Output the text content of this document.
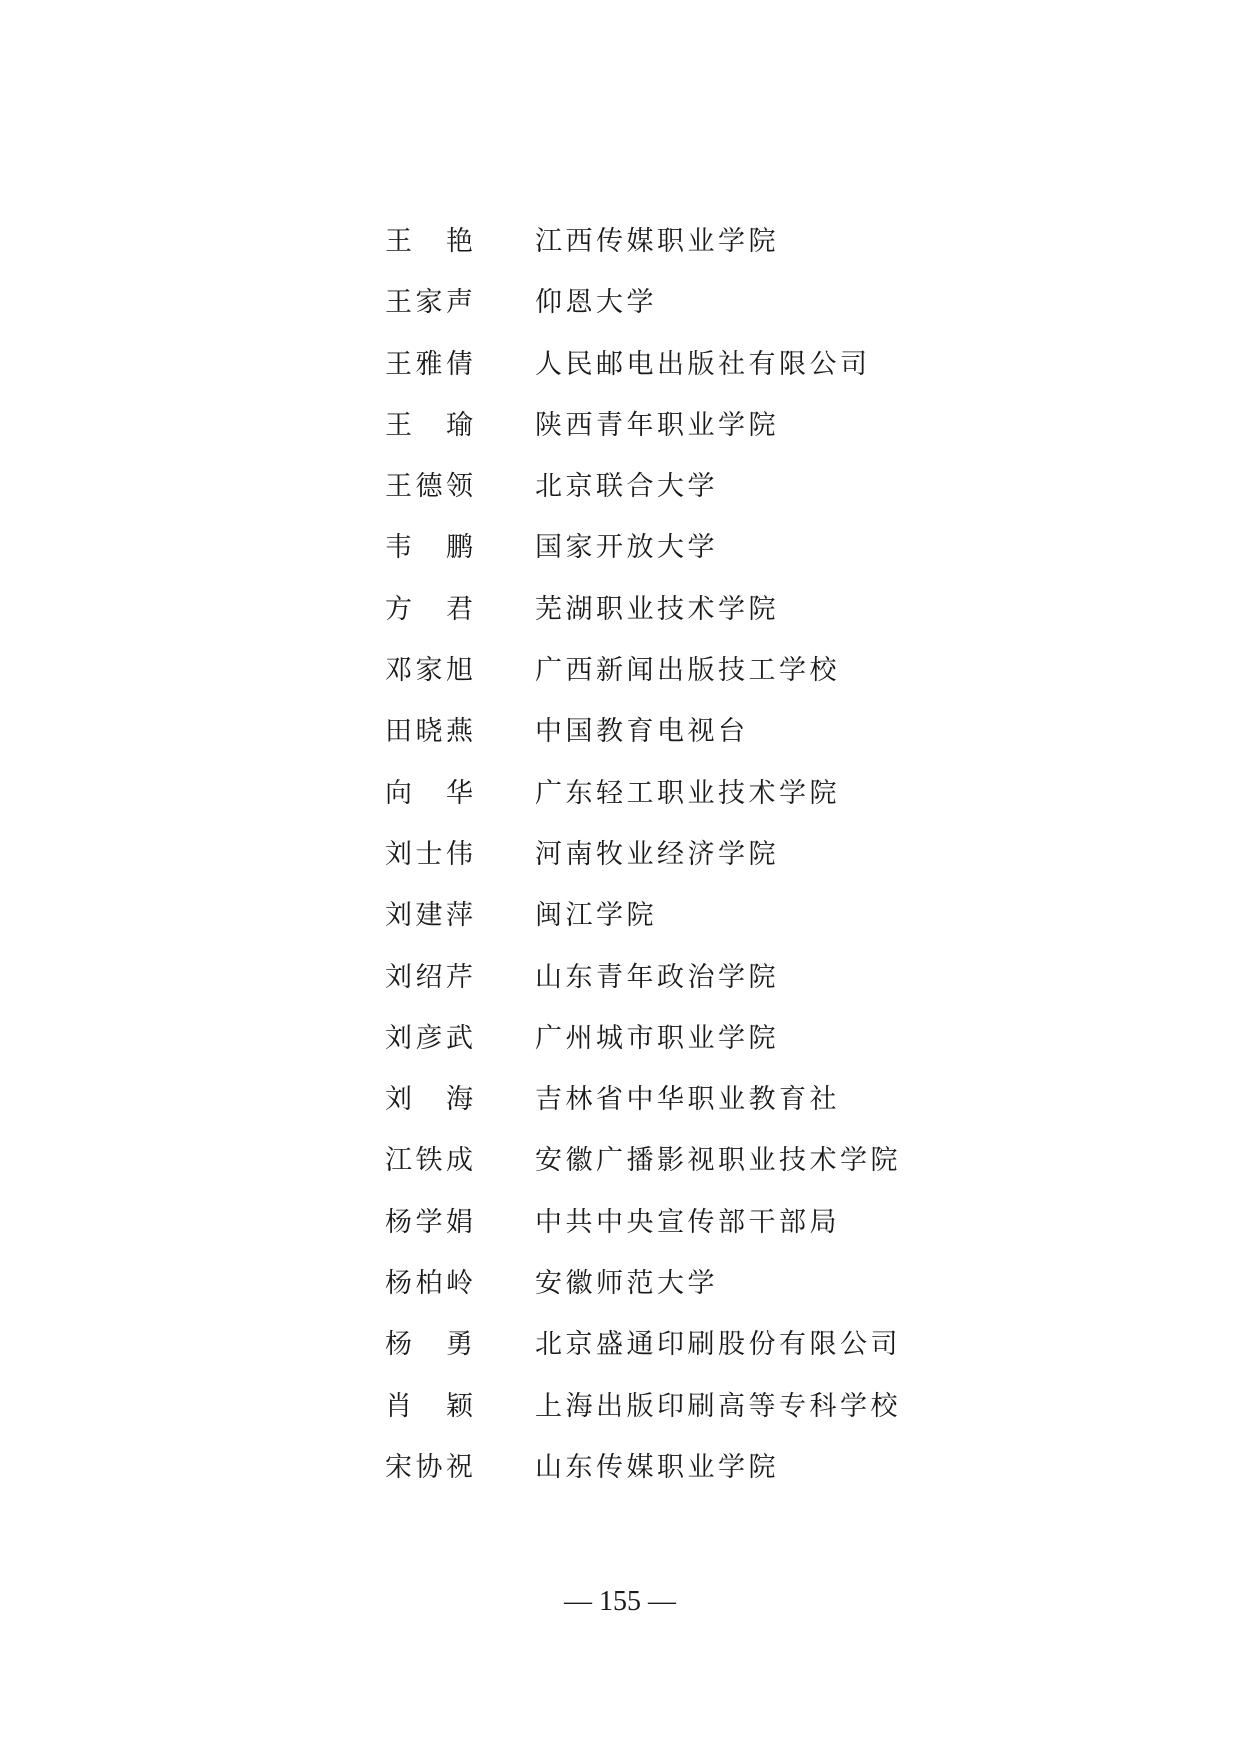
王 艳 江西传媒职业学院
王家声 仰恩大学
王雅倩 人民邮电出版社有限公司
王 瑜 陕西青年职业学院
王德领 北京联合大学
韦 鹏 国家开放大学
方 君 芜湖职业技术学院
邓家旭 广西新闻出版技工学校
田晓燕 中国教育电视台
向 华 广东轻工职业技术学院
刘士伟 河南牧业经济学院
刘建萍 闽江学院
刘绍芹 山东青年政治学院
刘彦武 广州城市职业学院
刘 海 吉林省中华职业教育社
江铁成 安徽广播影视职业技术学院
杨学娟 中共中央宣传部干部局
杨柏岭 安徽师范大学
杨 勇 北京盛通印刷股份有限公司
肖 颖 上海出版印刷高等专科学校
宋协祝 山东传媒职业学院
— 155 —
